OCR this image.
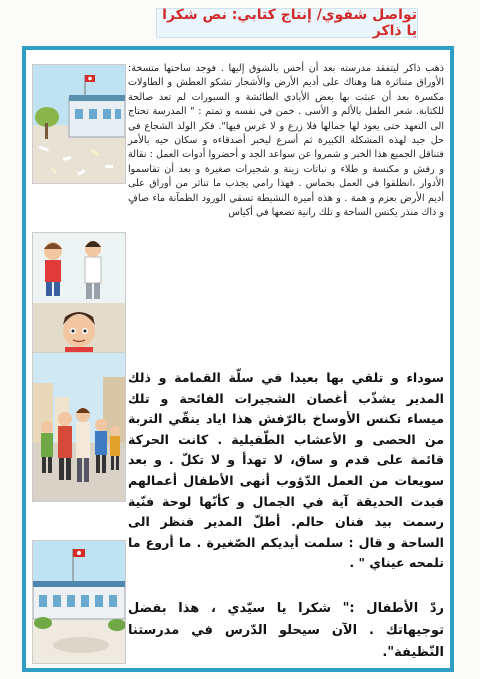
تواصل شفوي/ إنتاج كتابي: نص شكرا يا ذاكر

ذهب ذاكر ليتفقد مدرسته بعد أن أحس بالشوق إليها . فوجد ساحتها متسخة: الأوراق متناثرة هنا وهناك على أديم الأرض والأشجار تشكو العطش و الطاولات مكسرة بعد أن عبثت بها بعض الأيادي الطائشة و السبورات لم تعد صالحة للكتابة. شعر الطفل بالألم و الأسى . خمن في نفسه و تمتم : " المدرسة تحتاج الى التعهد حتى يعود لها جمالها فلا زرع و لا غرس فيها". فكر الولد الشجاع في حل جيد لهذه المشكلة الكبيرة ثم أسرع ليخبر أصدقاءه و سكان حيه بالأمر فتناقل الجميع هذا الخبر و شمروا عن سواعد الجد و أحضروا أدوات العمل : نقالة و رفش و مكنسة و طلاء و نباتات زينة و شجيرات صغيرة و بعد أن تقاسموا الأدوار ،انطلقوا في العمل بحماس . فهذا رامي يجذب ما تناثر من أوراق على أديم الأرض بعزم و همة . و هذه أميرة النشيطة تسقي الورود الظمآنة ماء صافٍ و ذاك منذر يكنس الساحة و تلك رانية تضعها في أكياس

سوداء و تلقي بها بعيدا في سلّة القمامة و ذلك المدير يشذّب أغصان الشجيرات الفائحة و تلك ميساء تكنس الأوساخ بالرّفش هذا اياد ينقّي التربة من الحصى و الأعشاب الطّفيلية . كانت الحركة قائمة على قدم و ساق، لا تهدأ و لا تكلّ . و بعد سويعات من العمل الدّؤوب أنهى الأطفال أعمالهم فبدت الحديقة آية في الجمال و كأنّها لوحة فنّية رسمت بيد فنان حالم. أطلّ المدير فنظر الى الساحة و قال : سلمت أيديكم الصّغيرة . ما أروع ما تلمحه عيناي " .

ردّ الأطفال :" شكرا يا سيّدي ، هذا بفضل توجيهاتك . الآن سيحلو الدّرس في مدرستنا النّظيفة".
